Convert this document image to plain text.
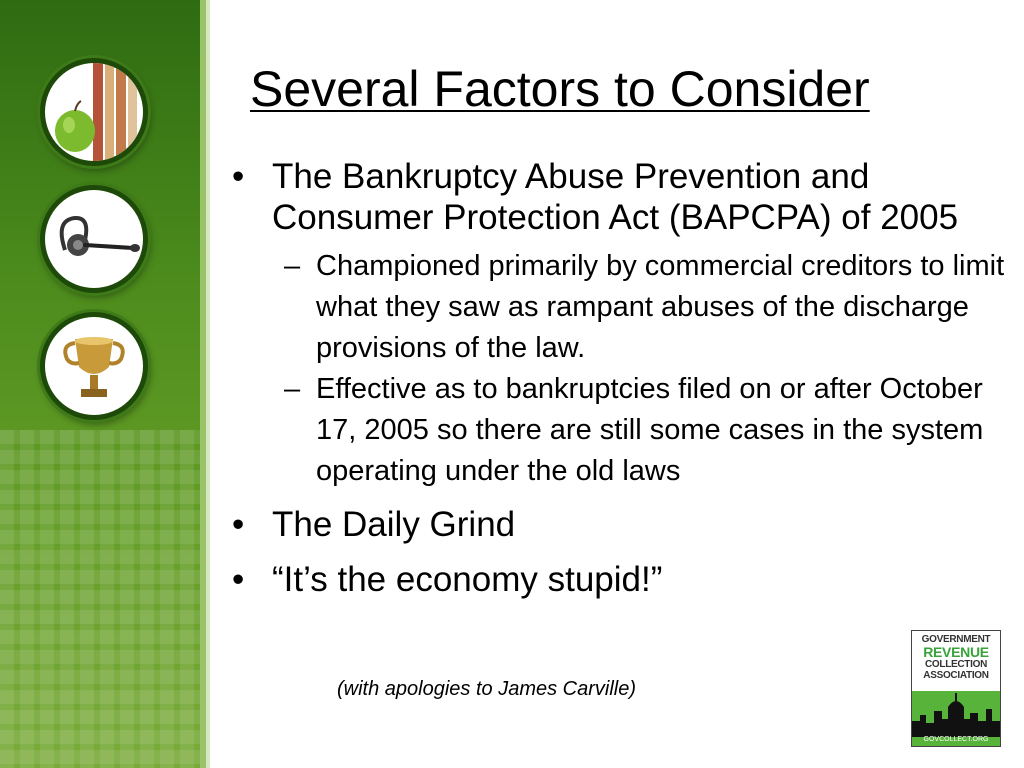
Several Factors to Consider
• The Bankruptcy Abuse Prevention and Consumer Protection Act (BAPCPA) of 2005
– Championed primarily by commercial creditors to limit what they saw as rampant abuses of the discharge provisions of the law.
– Effective as to bankruptcies filed on or after October 17, 2005 so there are still some cases in the system operating under the old laws
• The Daily Grind
• “It’s the economy stupid!”
(with apologies to James Carville)
GOVERNMENT
REVENUE
COLLECTION
ASSOCIATION
GOVCOLLECT.ORG
